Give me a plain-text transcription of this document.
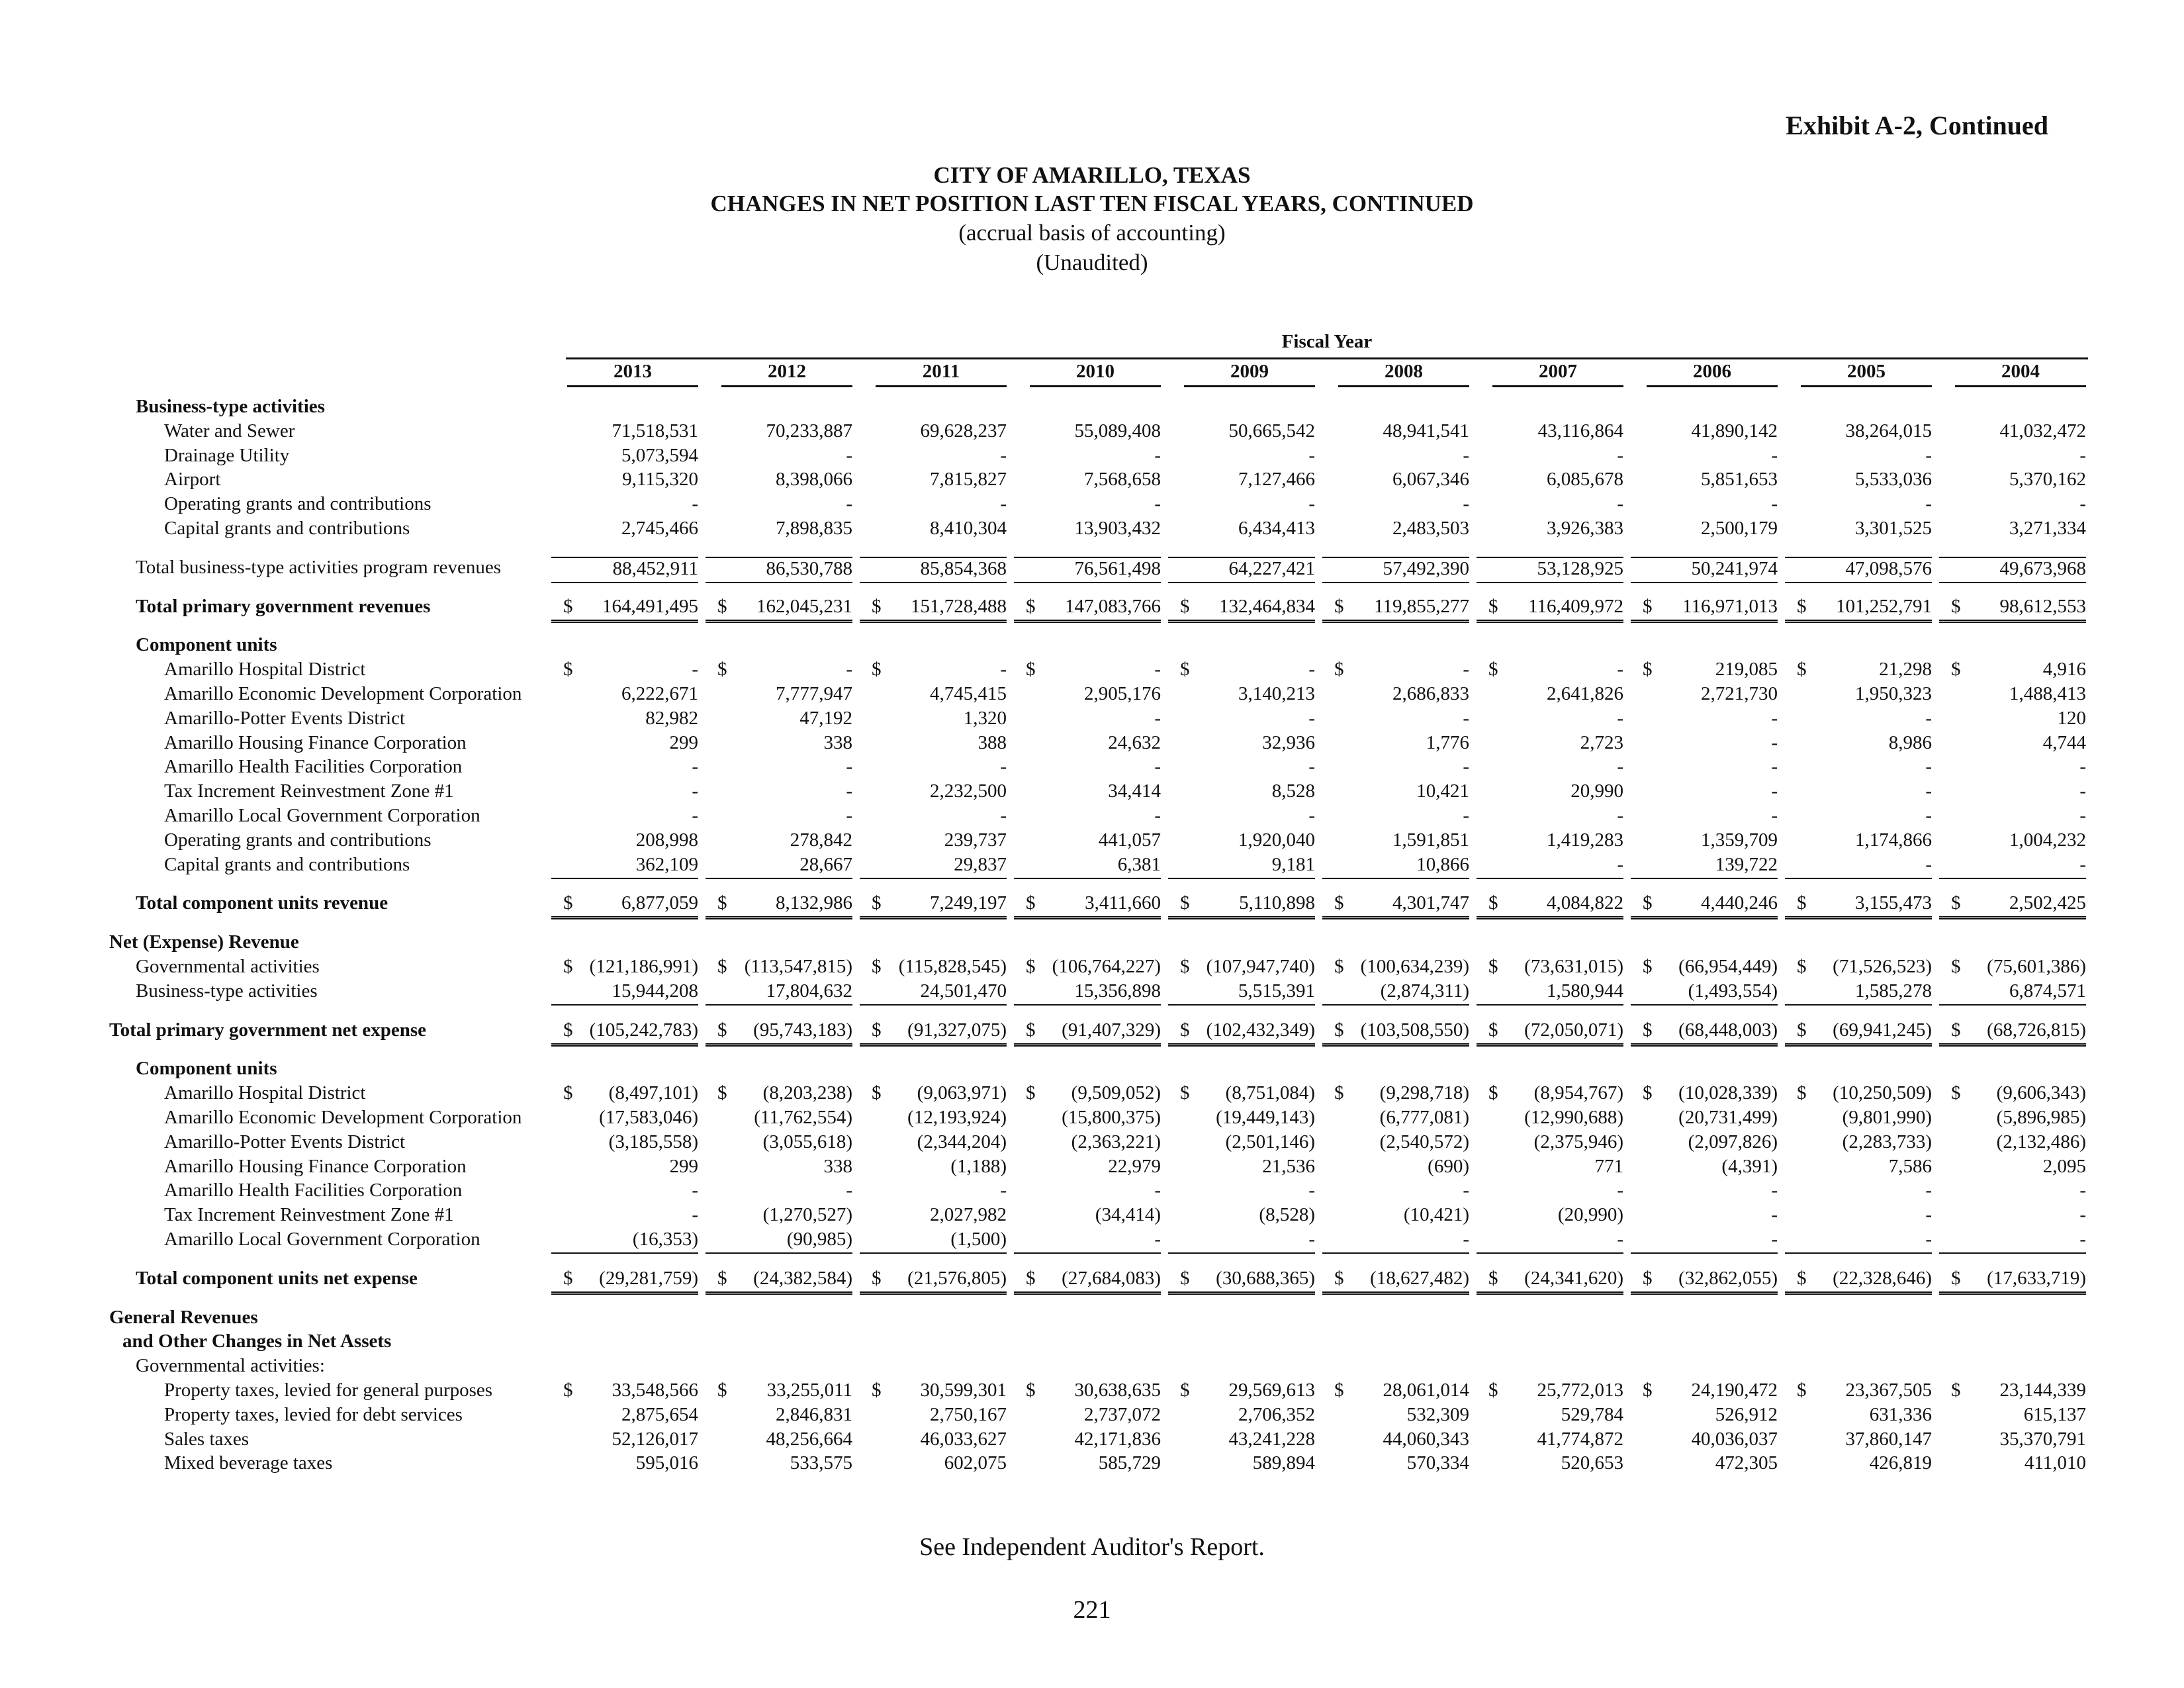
Exhibit A-2, Continued
CITY OF AMARILLO, TEXAS
CHANGES IN NET POSITION LAST TEN FISCAL YEARS, CONTINUED
(accrual basis of accounting)
(Unaudited)
Fiscal Year
2013	2012	2011	2010	2009	2008	2007	2006	2005	2004
Business-type activities
Water and Sewer	71,518,531	70,233,887	69,628,237	55,089,408	50,665,542	48,941,541	43,116,864	41,890,142	38,264,015	41,032,472
Drainage Utility	5,073,594	-	-	-	-	-	-	-	-	-
Airport	9,115,320	8,398,066	7,815,827	7,568,658	7,127,466	6,067,346	6,085,678	5,851,653	5,533,036	5,370,162
Operating grants and contributions	-	-	-	-	-	-	-	-	-	-
Capital grants and contributions	2,745,466	7,898,835	8,410,304	13,903,432	6,434,413	2,483,503	3,926,383	2,500,179	3,301,525	3,271,334
Total business-type activities program revenues	88,452,911	86,530,788	85,854,368	76,561,498	64,227,421	57,492,390	53,128,925	50,241,974	47,098,576	49,673,968
Total primary government revenues	$ 164,491,495 $ 162,045,231 $ 151,728,488 $ 147,083,766 $ 132,464,834 $ 119,855,277 $ 116,409,972 $ 116,971,013 $ 101,252,791 $ 98,612,553
Component units
Amarillo Hospital District	$	- $	- $	- $	- $	- $	- $	- $	219,085 $	21,298 $	4,916
Amarillo Economic Development Corporation	6,222,671	7,777,947	4,745,415	2,905,176	3,140,213	2,686,833	2,641,826	2,721,730	1,950,323	1,488,413
Amarillo-Potter Events District	82,982	47,192	1,320	-	-	-	-	-	-	120
Amarillo Housing Finance Corporation	299	338	388	24,632	32,936	1,776	2,723	-	8,986	4,744
Amarillo Health Facilities Corporation	-	-	-	-	-	-	-	-	-	-
Tax Increment Reinvestment Zone #1	-	-	2,232,500	34,414	8,528	10,421	20,990	-	-	-
Amarillo Local Government Corporation	-	-	-	-	-	-	-	-	-	-
Operating grants and contributions	208,998	278,842	239,737	441,057	1,920,040	1,591,851	1,419,283	1,359,709	1,174,866	1,004,232
Capital grants and contributions	362,109	28,667	29,837	6,381	9,181	10,866	-	139,722	-	-
Total component units revenue	$	6,877,059 $	8,132,986 $	7,249,197 $	3,411,660 $	5,110,898 $	4,301,747 $	4,084,822 $	4,440,246 $	3,155,473 $	2,502,425
Net (Expense) Revenue
Governmental activities	$ (121,186,991) $ (113,547,815) $ (115,828,545) $ (106,764,227) $ (107,947,740) $ (100,634,239) $ (73,631,015) $ (66,954,449) $ (71,526,523) $ (75,601,386)
Business-type activities	15,944,208	17,804,632	24,501,470	15,356,898	5,515,391	(2,874,311)	1,580,944	(1,493,554)	1,585,278	6,874,571
Total primary government net expense	$ (105,242,783) $ (95,743,183) $ (91,327,075) $ (91,407,329) $ (102,432,349) $ (103,508,550) $ (72,050,071) $ (68,448,003) $ (69,941,245) $ (68,726,815)
Component units
Amarillo Hospital District	$ (8,497,101) $ (8,203,238) $ (9,063,971) $ (9,509,052) $ (8,751,084) $ (9,298,718) $ (8,954,767) $ (10,028,339) $ (10,250,509) $ (9,606,343)
Amarillo Economic Development Corporation	(17,583,046)	(11,762,554)	(12,193,924)	(15,800,375)	(19,449,143)	(6,777,081)	(12,990,688)	(20,731,499)	(9,801,990)	(5,896,985)
Amarillo-Potter Events District	(3,185,558)	(3,055,618)	(2,344,204)	(2,363,221)	(2,501,146)	(2,540,572)	(2,375,946)	(2,097,826)	(2,283,733)	(2,132,486)
Amarillo Housing Finance Corporation	299	338	(1,188)	22,979	21,536	(690)	771	(4,391)	7,586	2,095
Amarillo Health Facilities Corporation	-	-	-	-	-	-	-	-	-	-
Tax Increment Reinvestment Zone #1	-	(1,270,527)	2,027,982	(34,414)	(8,528)	(10,421)	(20,990)	-	-	-
Amarillo Local Government Corporation	(16,353)	(90,985)	(1,500)	-	-	-	-	-	-	-
Total component units net expense	$ (29,281,759) $ (24,382,584) $ (21,576,805) $ (27,684,083) $ (30,688,365) $ (18,627,482) $ (24,341,620) $ (32,862,055) $ (22,328,646) $ (17,633,719)
General Revenues
and Other Changes in Net Assets
Governmental activities:
Property taxes, levied for general purposes	$ 33,548,566 $ 33,255,011 $ 30,599,301 $ 30,638,635 $ 29,569,613 $ 28,061,014 $ 25,772,013 $ 24,190,472 $ 23,367,505 $ 23,144,339
Property taxes, levied for debt services	2,875,654	2,846,831	2,750,167	2,737,072	2,706,352	532,309	529,784	526,912	631,336	615,137
Sales taxes	52,126,017	48,256,664	46,033,627	42,171,836	43,241,228	44,060,343	41,774,872	40,036,037	37,860,147	35,370,791
Mixed beverage taxes	595,016	533,575	602,075	585,729	589,894	570,334	520,653	472,305	426,819	411,010
See Independent Auditor's Report.
221
